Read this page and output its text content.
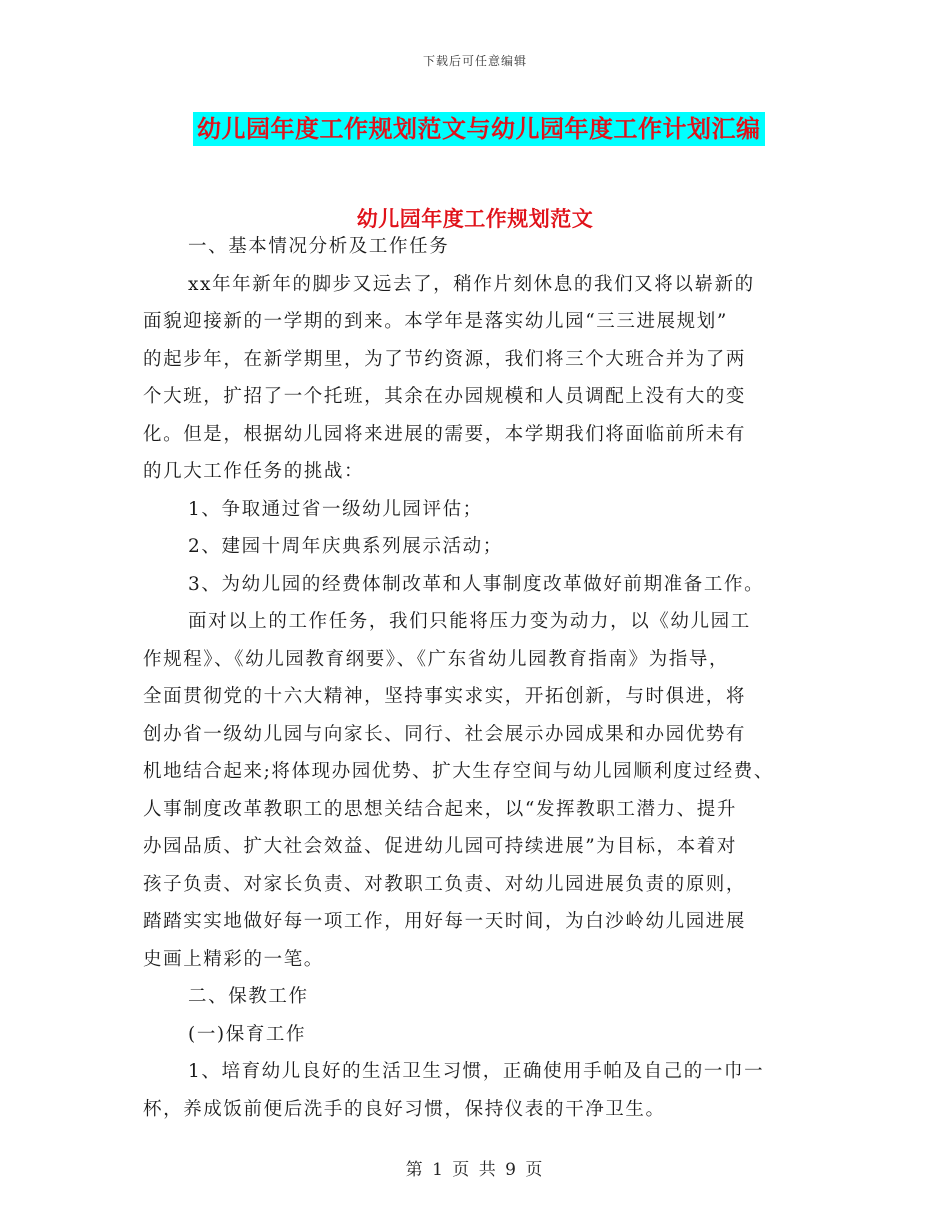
下载后可任意编辑
幼儿园年度工作规划范文与幼儿园年度工作计划汇编
幼儿园年度工作规划范文
一、基本情况分析及工作任务
xx年年新年的脚步又远去了，稍作片刻休息的我们又将以崭新的
面貌迎接新的一学期的到来。本学年是落实幼儿园“三三进展规划”
的起步年，在新学期里，为了节约资源，我们将三个大班合并为了两
个大班，扩招了一个托班，其余在办园规模和人员调配上没有大的变
化。但是，根据幼儿园将来进展的需要，本学期我们将面临前所未有
的几大工作任务的挑战：
1、争取通过省一级幼儿园评估；
2、建园十周年庆典系列展示活动；
3、为幼儿园的经费体制改革和人事制度改革做好前期准备工作。
面对以上的工作任务，我们只能将压力变为动力，以《幼儿园工
作规程》、《幼儿园教育纲要》、《广东省幼儿园教育指南》为指导，
全面贯彻党的十六大精神，坚持事实求实，开拓创新，与时俱进，将
创办省一级幼儿园与向家长、同行、社会展示办园成果和办园优势有
机地结合起来;将体现办园优势、扩大生存空间与幼儿园顺利度过经费、
人事制度改革教职工的思想关结合起来，以“发挥教职工潜力、提升
办园品质、扩大社会效益、促进幼儿园可持续进展”为目标，本着对
孩子负责、对家长负责、对教职工负责、对幼儿园进展负责的原则，
踏踏实实地做好每一项工作，用好每一天时间，为白沙岭幼儿园进展
史画上精彩的一笔。
二、保教工作
(一)保育工作
1、培育幼儿良好的生活卫生习惯，正确使用手帕及自己的一巾一
杯，养成饭前便后洗手的良好习惯，保持仪表的干净卫生。
第 1 页 共 9 页
